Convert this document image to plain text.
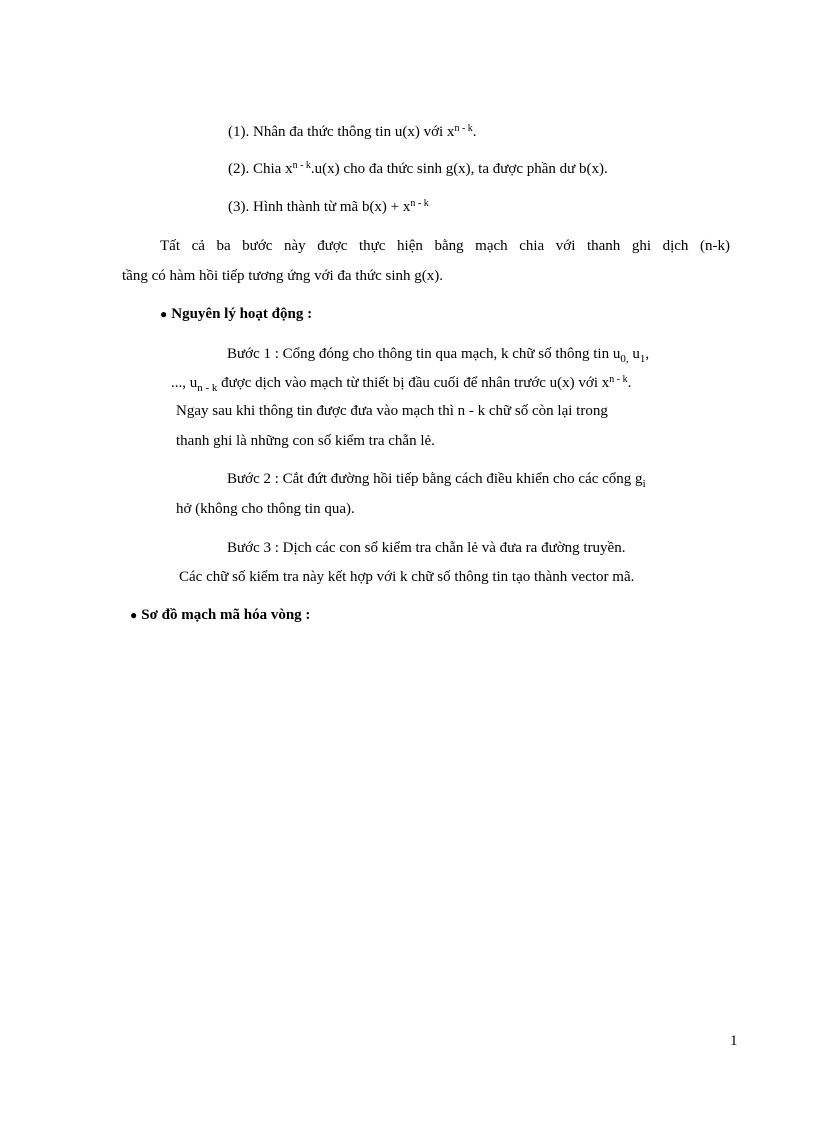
(1). Nhân đa thức thông tin u(x) với $x^{n - k}$.
(2). Chia $x^{n - k}.u(x)$ cho đa thức sinh g(x), ta được phần dư b(x).
(3). Hình thành từ mã $b(x) + x^{n - k}$
Tất cả ba bước này được thực hiện bằng mạch chia với thanh ghi dịch (n-k)
tầng có hàm hồi tiếp tương ứng với đa thức sinh g(x).
● Nguyên lý hoạt động :
Bước 1 : Cổng đóng cho thông tin qua mạch, k chữ số thông tin $u_{0,}$ $u_1$,
..., $u_{n - k}$ được dịch vào mạch từ thiết bị đầu cuối để nhân trước u(x) với $x^{n - k}$.
Ngay sau khi thông tin được đưa vào mạch thì n - k chữ số còn lại trong
thanh ghi là những con số kiểm tra chẵn lẻ.
Bước 2 : Cắt đứt đường hồi tiếp bằng cách điều khiển cho các cổng $g_i$
hở (không cho thông tin qua).
Bước 3 : Dịch các con số kiểm tra chẵn lẻ và đưa ra đường truyền.
Các chữ số kiểm tra này kết hợp với k chữ số thông tin tạo thành vector mã.
● Sơ đồ mạch mã hóa vòng :
1
